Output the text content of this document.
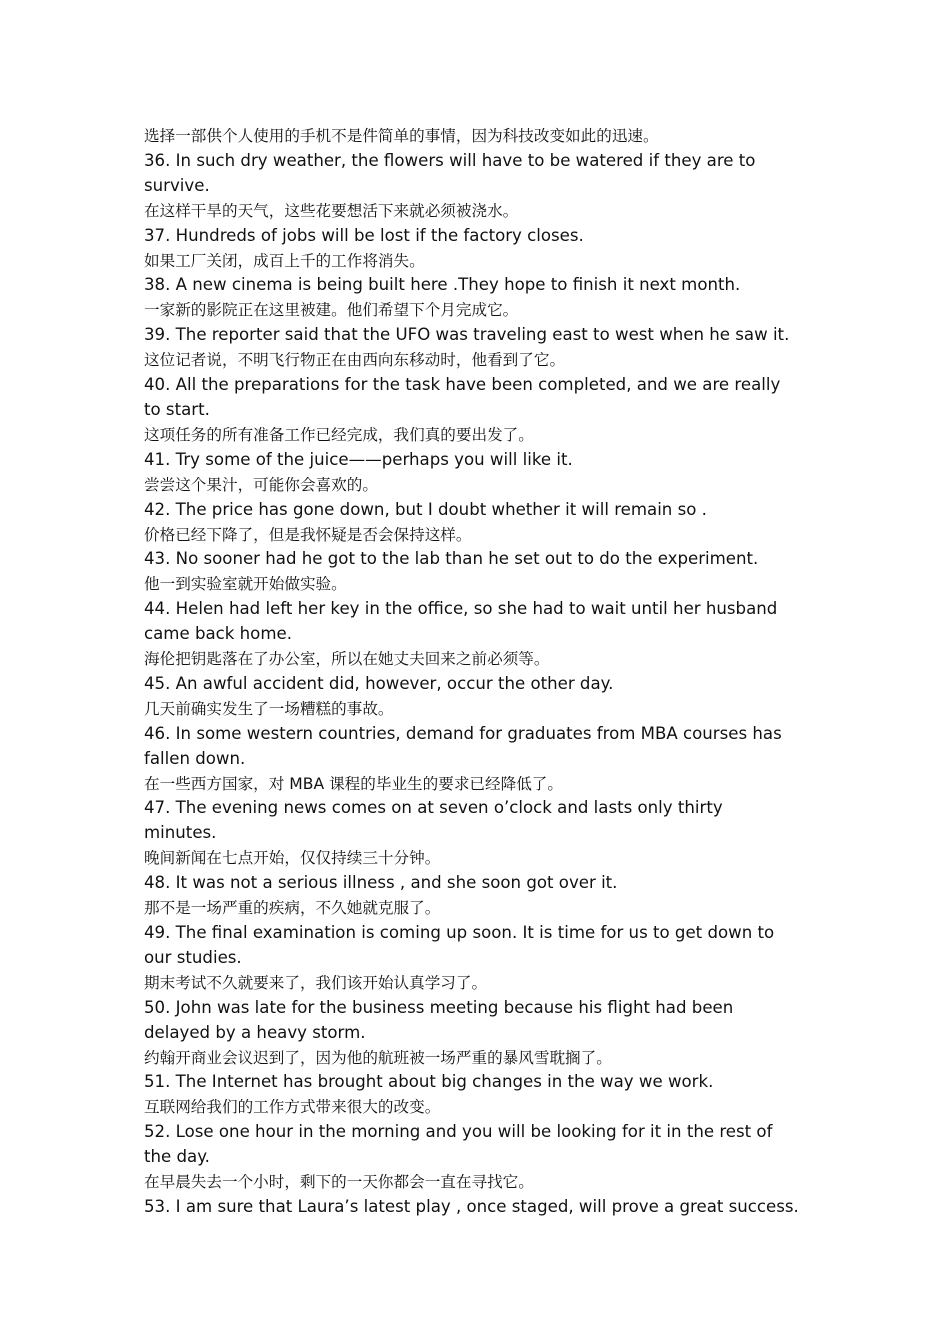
选择一部供个人使用的手机不是件简单的事情，因为科技改变如此的迅速。
36. In such dry weather, the flowers will have to be watered if they are to
survive.
在这样干旱的天气，这些花要想活下来就必须被浇水。
37. Hundreds of jobs will be lost if the factory closes.
如果工厂关闭，成百上千的工作将消失。
38. A new cinema is being built here .They hope to finish it next month.
一家新的影院正在这里被建。他们希望下个月完成它。
39. The reporter said that the UFO was traveling east to west when he saw it.
这位记者说，不明飞行物正在由西向东移动时，他看到了它。
40. All the preparations for the task have been completed, and we are really
to start.
这项任务的所有准备工作已经完成，我们真的要出发了。
41. Try some of the juice——perhaps you will like it.
尝尝这个果汁，可能你会喜欢的。
42. The price has gone down, but I doubt whether it will remain so .
价格已经下降了，但是我怀疑是否会保持这样。
43. No sooner had he got to the lab than he set out to do the experiment.
他一到实验室就开始做实验。
44. Helen had left her key in the office, so she had to wait until her husband
came back home.
海伦把钥匙落在了办公室，所以在她丈夫回来之前必须等。
45. An awful accident did, however, occur the other day.
几天前确实发生了一场糟糕的事故。
46. In some western countries, demand for graduates from MBA courses has
fallen down.
在一些西方国家，对 MBA 课程的毕业生的要求已经降低了。
47. The evening news comes on at seven o’clock and lasts only thirty
minutes.
晚间新闻在七点开始，仅仅持续三十分钟。
48. It was not a serious illness , and she soon got over it.
那不是一场严重的疾病，不久她就克服了。
49. The final examination is coming up soon. It is time for us to get down to
our studies.
期末考试不久就要来了，我们该开始认真学习了。
50. John was late for the business meeting because his flight had been
delayed by a heavy storm.
约翰开商业会议迟到了，因为他的航班被一场严重的暴风雪耽搁了。
51. The Internet has brought about big changes in the way we work.
互联网给我们的工作方式带来很大的改变。
52. Lose one hour in the morning and you will be looking for it in the rest of
the day.
在早晨失去一个小时，剩下的一天你都会一直在寻找它。
53. I am sure that Laura’s latest play , once staged, will prove a great success.
